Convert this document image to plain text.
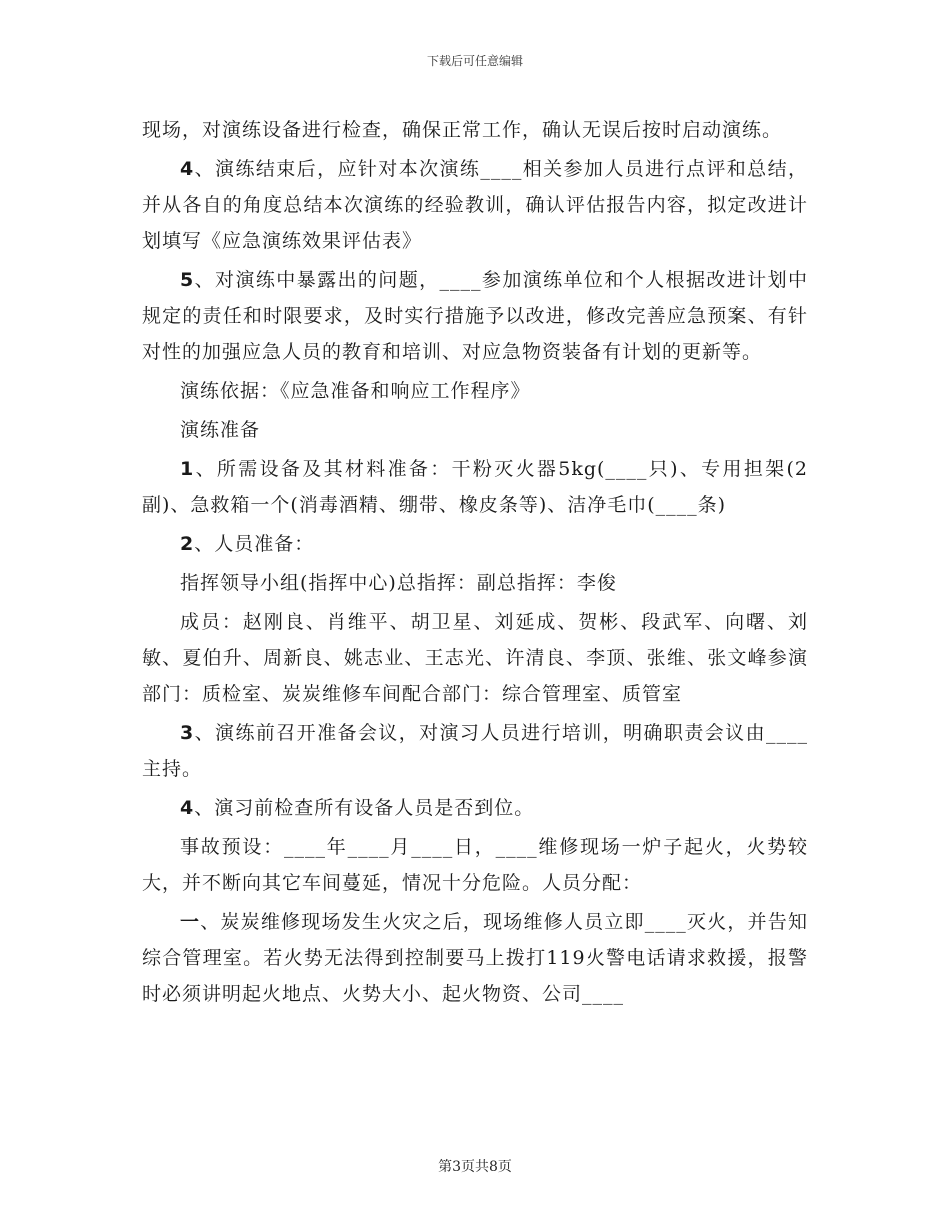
下载后可任意编辑

现场，对演练设备进行检查，确保正常工作，确认无误后按时启动演练。

4、演练结束后，应针对本次演练____相关参加人员进行点评和总结，并从各自的角度总结本次演练的经验教训，确认评估报告内容，拟定改进计划填写《应急演练效果评估表》

5、对演练中暴露出的问题，____参加演练单位和个人根据改进计划中规定的责任和时限要求，及时实行措施予以改进，修改完善应急预案、有针对性的加强应急人员的教育和培训、对应急物资装备有计划的更新等。

演练依据：《应急准备和响应工作程序》

演练准备

1、所需设备及其材料准备：干粉灭火器5kg(____只)、专用担架(2副)、急救箱一个(消毒酒精、绷带、橡皮条等)、洁净毛巾(____条)

2、人员准备：

指挥领导小组(指挥中心)总指挥：副总指挥：李俊

成员：赵刚良、肖维平、胡卫星、刘延成、贺彬、段武军、向曙、刘敏、夏伯升、周新良、姚志业、王志光、许清良、李顶、张维、张文峰参演部门：质检室、炭炭维修车间配合部门：综合管理室、质管室

3、演练前召开准备会议，对演习人员进行培训，明确职责会议由____主持。

4、演习前检查所有设备人员是否到位。

事故预设：____年____月____日，____维修现场一炉子起火，火势较大，并不断向其它车间蔓延，情况十分危险。人员分配：

一、炭炭维修现场发生火灾之后，现场维修人员立即____灭火，并告知综合管理室。若火势无法得到控制要马上拨打119火警电话请求救援，报警时必须讲明起火地点、火势大小、起火物资、公司____

第3页共8页
